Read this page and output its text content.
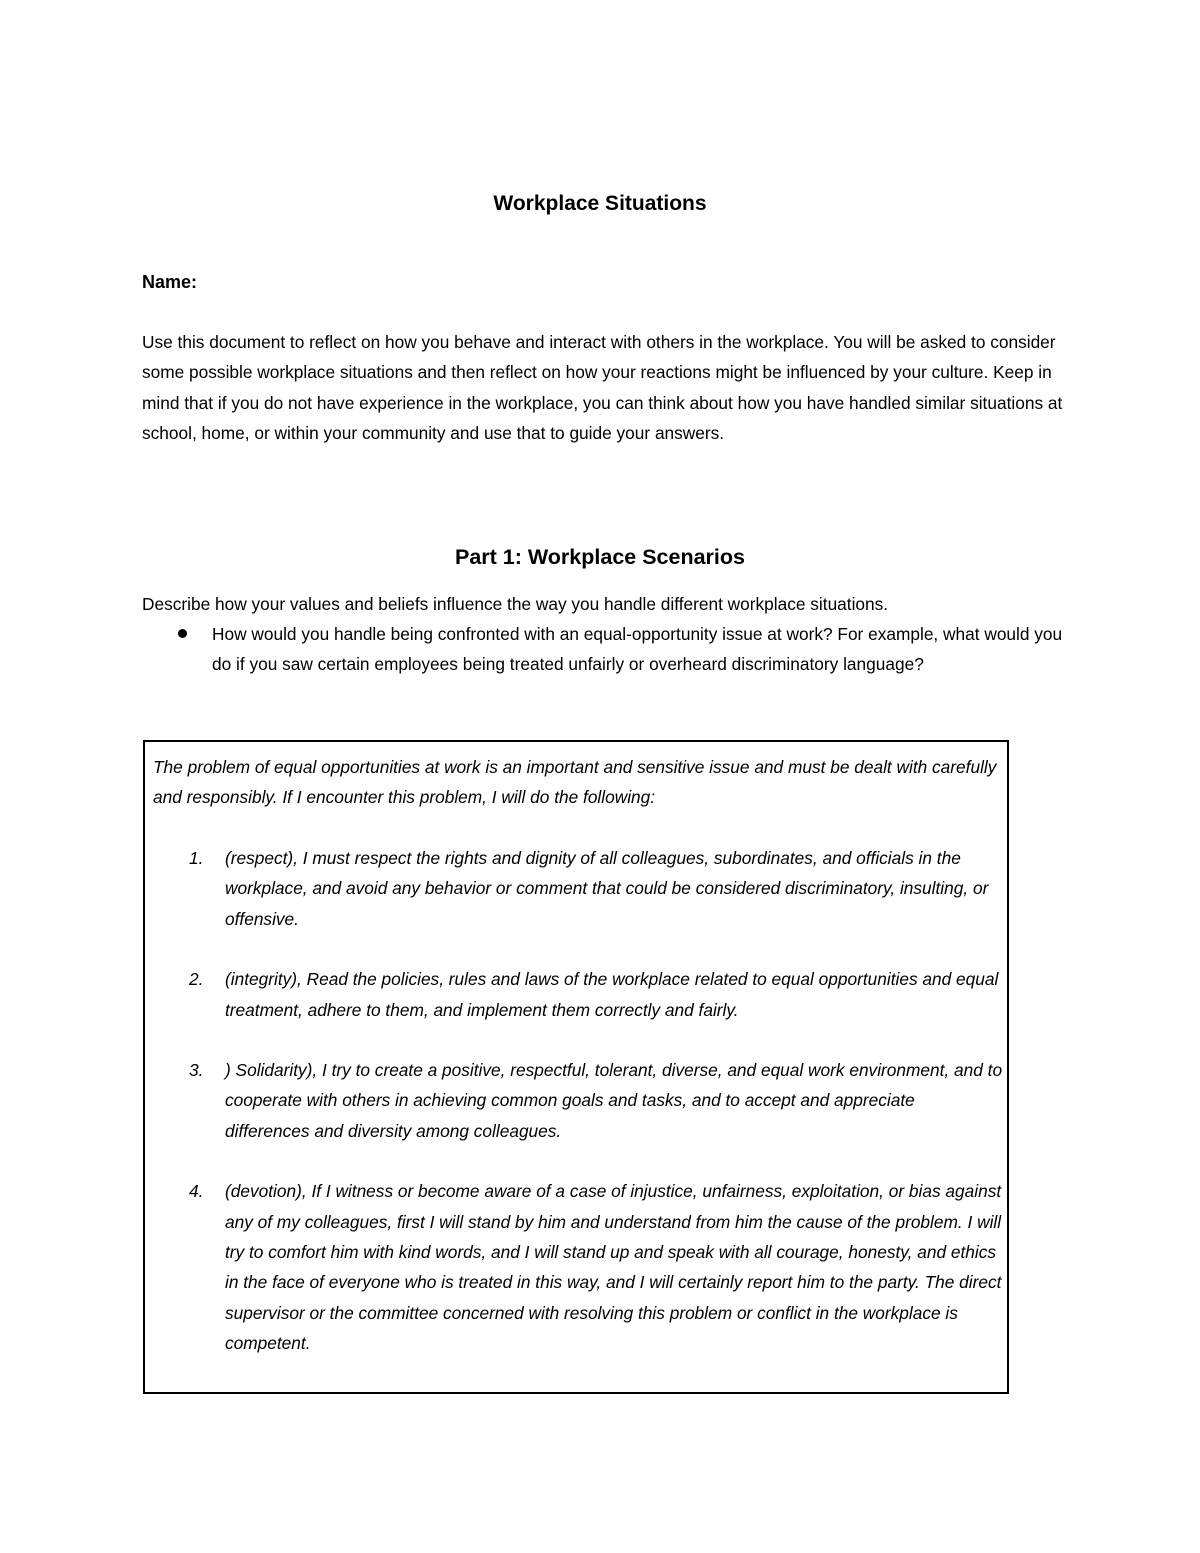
Workplace Situations
Name:

Use this document to reflect on how you behave and interact with others in the workplace. You will be asked to consider some possible workplace situations and then reflect on how your reactions might be influenced by your culture. Keep in mind that if you do not have experience in the workplace, you can think about how you have handled similar situations at school, home, or within your community and use that to guide your answers.

Part 1: Workplace Scenarios

Describe how your values and beliefs influence the way you handle different workplace situations.

How would you handle being confronted with an equal-opportunity issue at work? For example, what would you do if you saw certain employees being treated unfairly or overheard discriminatory language?

The problem of equal opportunities at work is an important and sensitive issue and must be dealt with carefully and responsibly. If I encounter this problem, I will do the following:

1. (respect), I must respect the rights and dignity of all colleagues, subordinates, and officials in the workplace, and avoid any behavior or comment that could be considered discriminatory, insulting, or offensive.
2. (integrity), Read the policies, rules and laws of the workplace related to equal opportunities and equal treatment, adhere to them, and implement them correctly and fairly.
3. ) Solidarity), I try to create a positive, respectful, tolerant, diverse, and equal work environment, and to cooperate with others in achieving common goals and tasks, and to accept and appreciate differences and diversity among colleagues.
4. (devotion), If I witness or become aware of a case of injustice, unfairness, exploitation, or bias against any of my colleagues, first I will stand by him and understand from him the cause of the problem. I will try to comfort him with kind words, and I will stand up and speak with all courage, honesty, and ethics in the face of everyone who is treated in this way, and I will certainly report him to the party. The direct supervisor or the committee concerned with resolving this problem or conflict in the workplace is competent.
